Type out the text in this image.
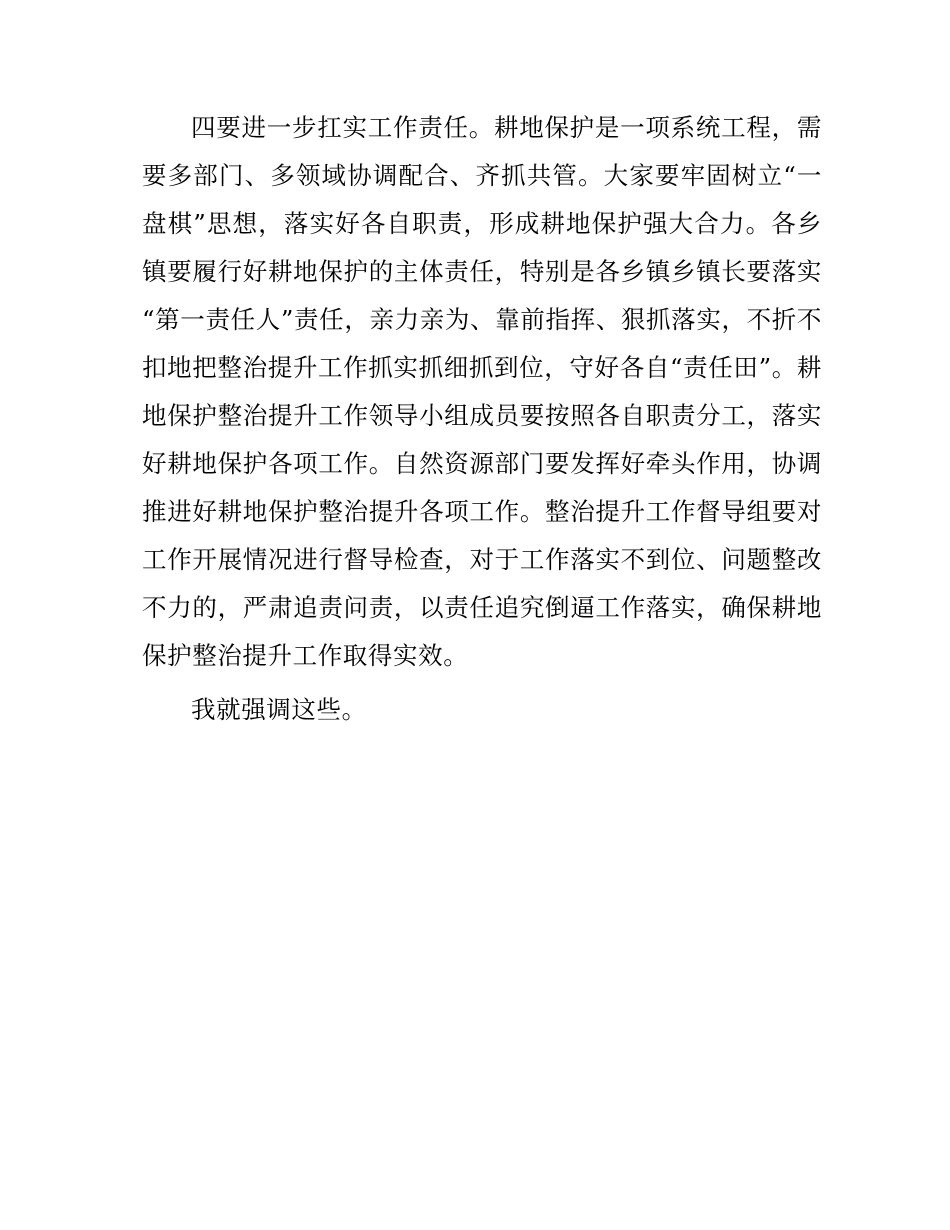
四要进一步扛实工作责任。耕地保护是一项系统工程，需要多部门、多领域协调配合、齐抓共管。大家要牢固树立“一盘棋”思想，落实好各自职责，形成耕地保护强大合力。各乡镇要履行好耕地保护的主体责任，特别是各乡镇乡镇长要落实“第一责任人”责任，亲力亲为、靠前指挥、狠抓落实，不折不扣地把整治提升工作抓实抓细抓到位，守好各自“责任田”。耕地保护整治提升工作领导小组成员要按照各自职责分工，落实好耕地保护各项工作。自然资源部门要发挥好牵头作用，协调推进好耕地保护整治提升各项工作。整治提升工作督导组要对工作开展情况进行督导检查，对于工作落实不到位、问题整改不力的，严肃追责问责，以责任追究倒逼工作落实，确保耕地保护整治提升工作取得实效。

我就强调这些。
